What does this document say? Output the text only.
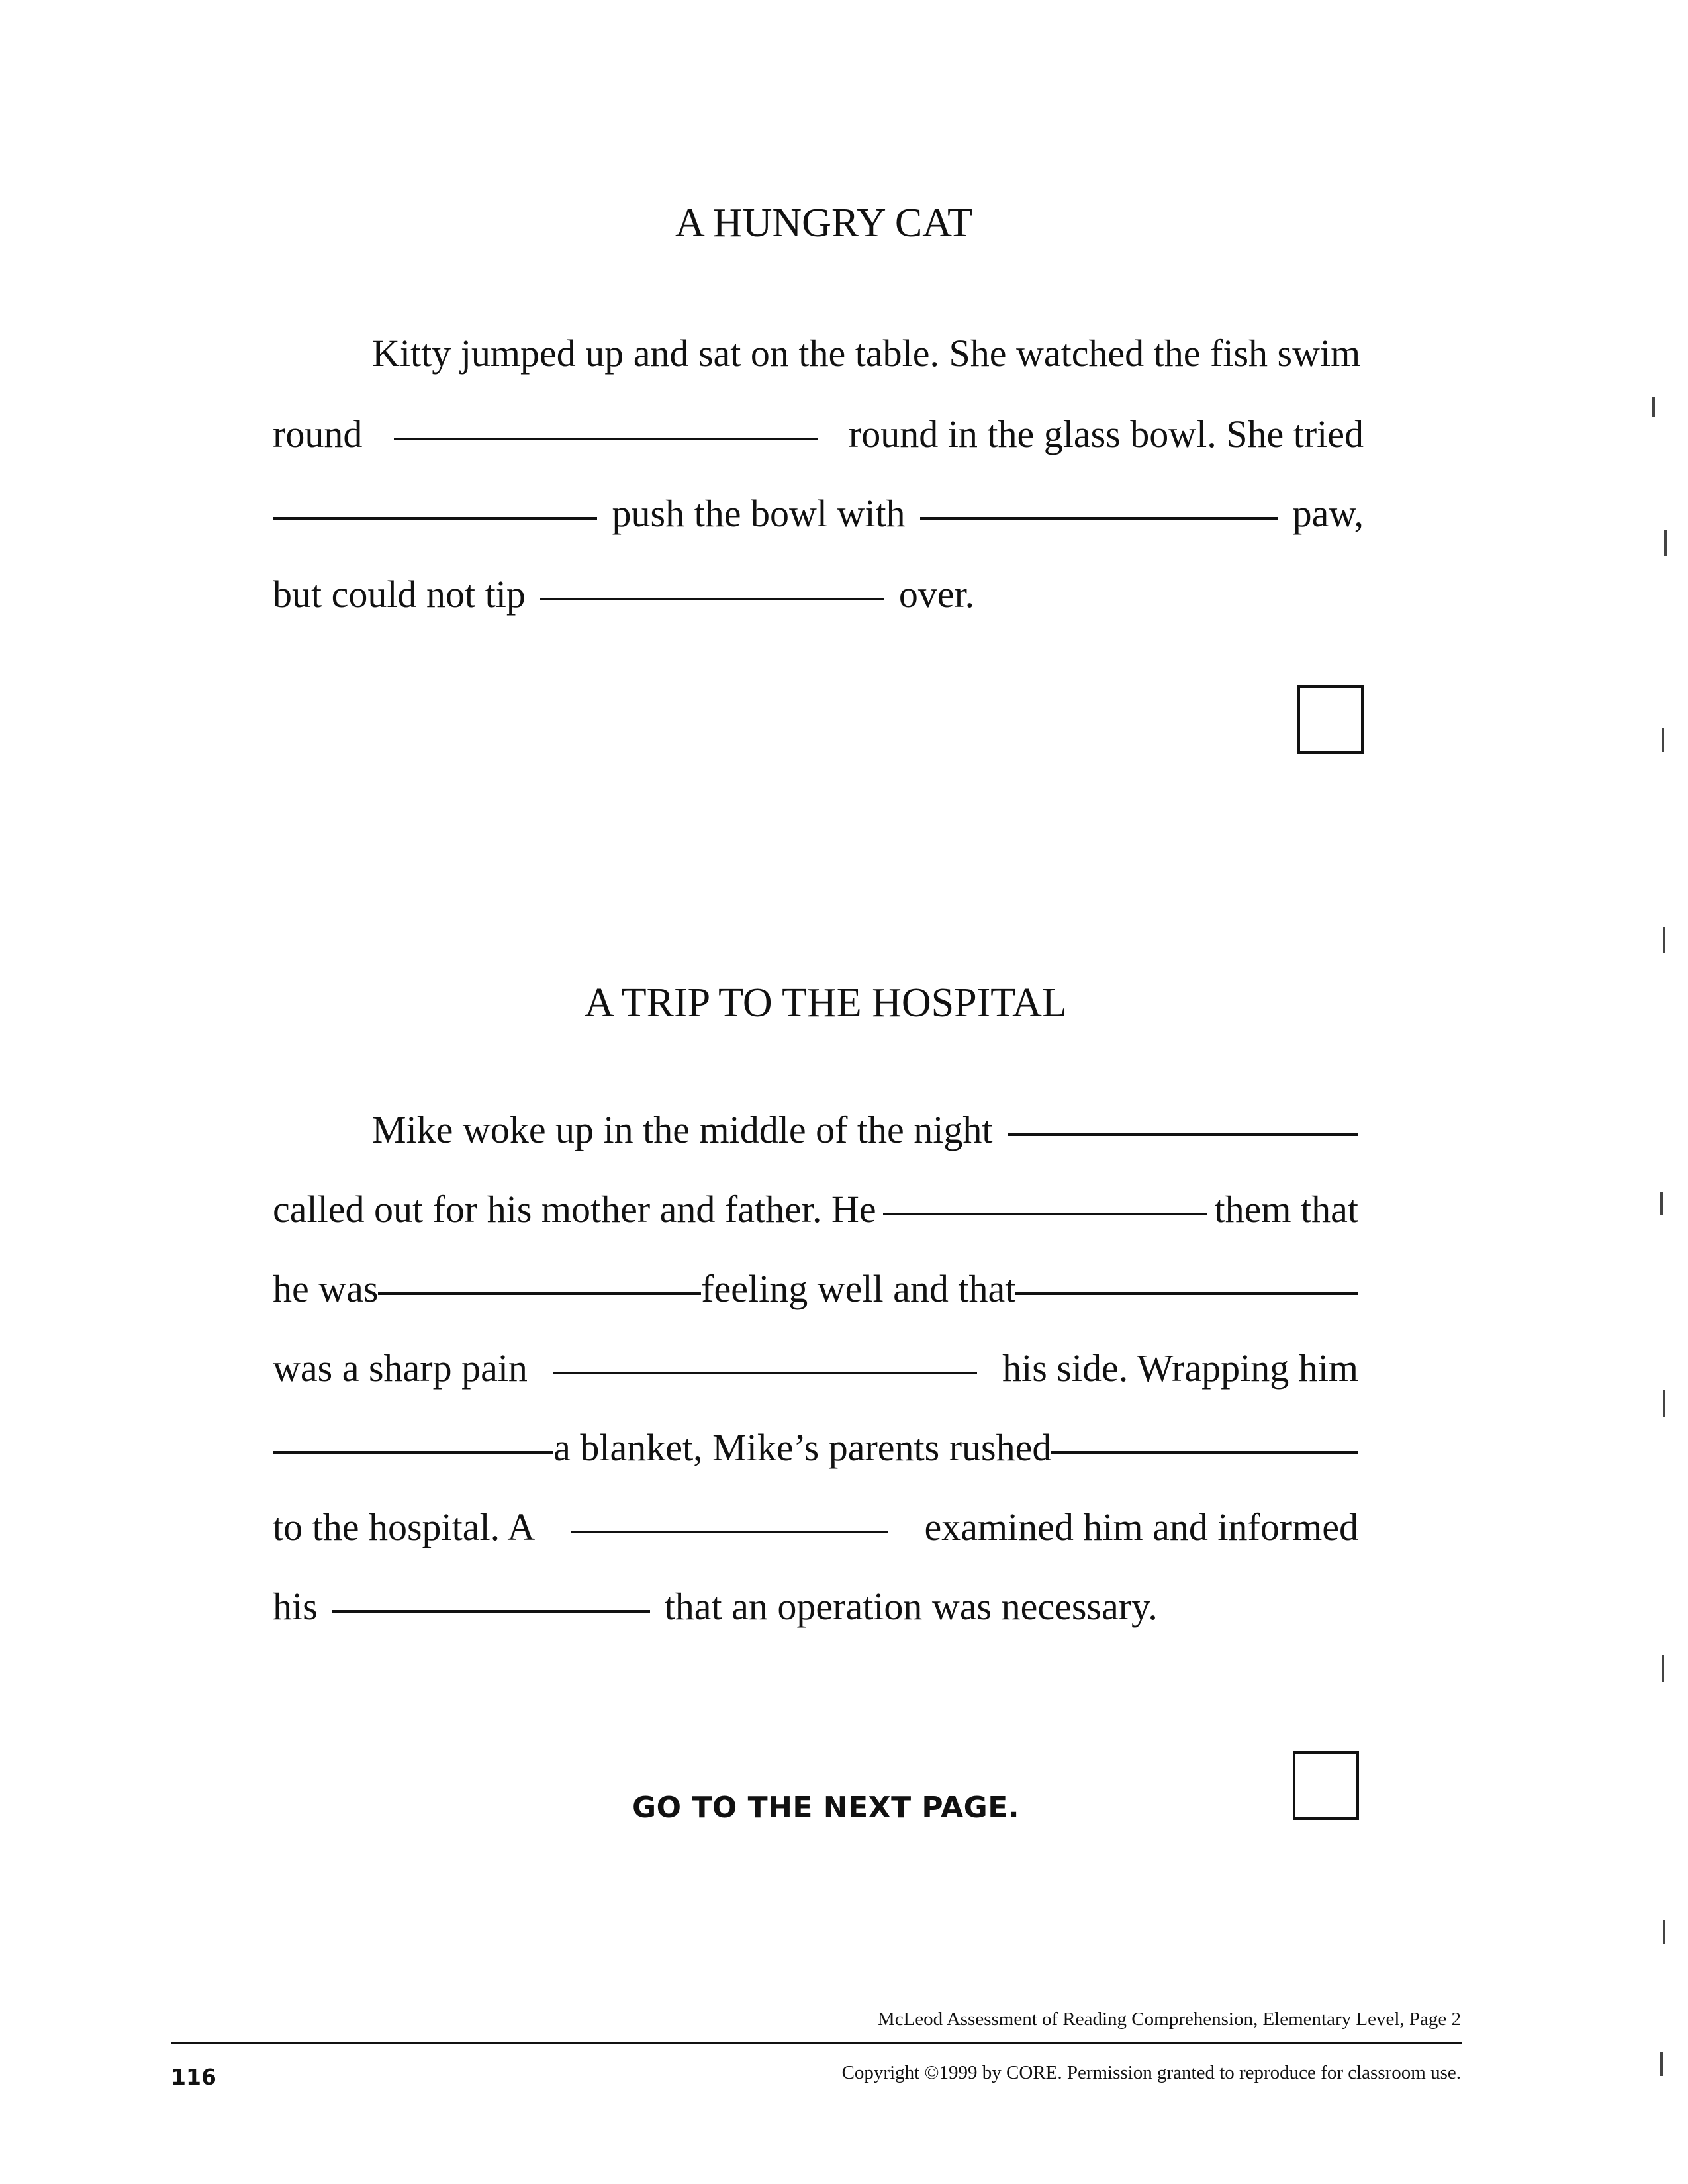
A HUNGRY CAT
Kitty jumped up and sat on the table. She watched the fish swim
round	round in the glass bowl. She tried
push the bowl with	paw,
but could not tip	over.
A TRIP TO THE HOSPITAL
Mike woke up in the middle of the night
called out for his mother and father. He	them that
he was	feeling well and that
was a sharp pain	his side. Wrapping him
a blanket, Mike’s parents rushed
to the hospital. A	examined him and informed
his	that an operation was necessary.
GO TO THE NEXT PAGE.
McLeod Assessment of Reading Comprehension, Elementary Level, Page 2
116	Copyright ©1999 by CORE. Permission granted to reproduce for classroom use.
